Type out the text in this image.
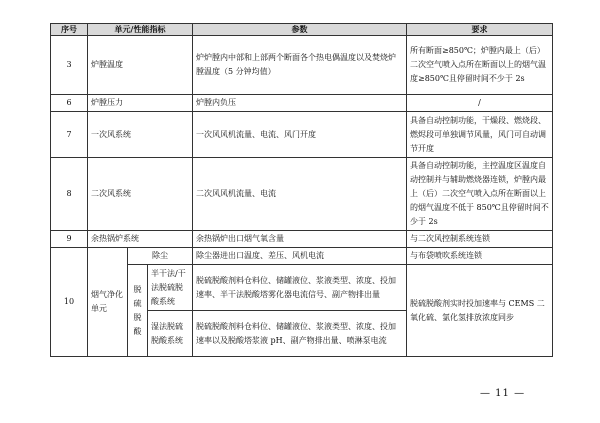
序号	单元/性能指标			参数	要求
3	炉膛温度			炉炉膛内中部和上部两个断面各个热电偶温度以及焚烧炉膛温度（5 分钟均值）	所有断面≥850℃；炉膛内最上（后）二次空气喷入点所在断面以上的烟气温度≥850℃且停留时间不少于 2s
6	炉膛压力			炉膛内负压	/
7	一次风系统			一次风风机流量、电流、风门开度	具备自动控制功能，干燥段、燃烧段、燃烬段可单独调节风量，风门可自动调节开度
8	二次风系统			二次风风机流量、电流	具备自动控制功能，主控温度区温度自动控制并与辅助燃烧器连锁，炉膛内最上（后）二次空气喷入点所在断面以上的烟气温度不低于 850℃且停留时间不少于 2s
9	余热锅炉系统			余热锅炉出口烟气氧含量	与二次风控制系统连锁
10	烟气净化单元	除尘		除尘器进出口温度、差压、风机电流	与布袋喷吹系统连锁
		脱硫脱酸	半干法/干法脱硫脱酸系统	脱硫脱酸剂料仓料位、储罐液位、浆液类型、浓度、投加速率、半干法脱酸塔雾化器电流信号、副产物排出量	脱硫脱酸剂实时投加速率与 CEMS 二氧化硫、氯化氢排放浓度同步
			湿法脱硫脱酸系统	脱硫脱酸剂料仓料位、储罐液位、浆液类型、浓度、投加速率以及脱酸塔浆液 pH、副产物排出量、喷淋泵电流	
— 11 —
